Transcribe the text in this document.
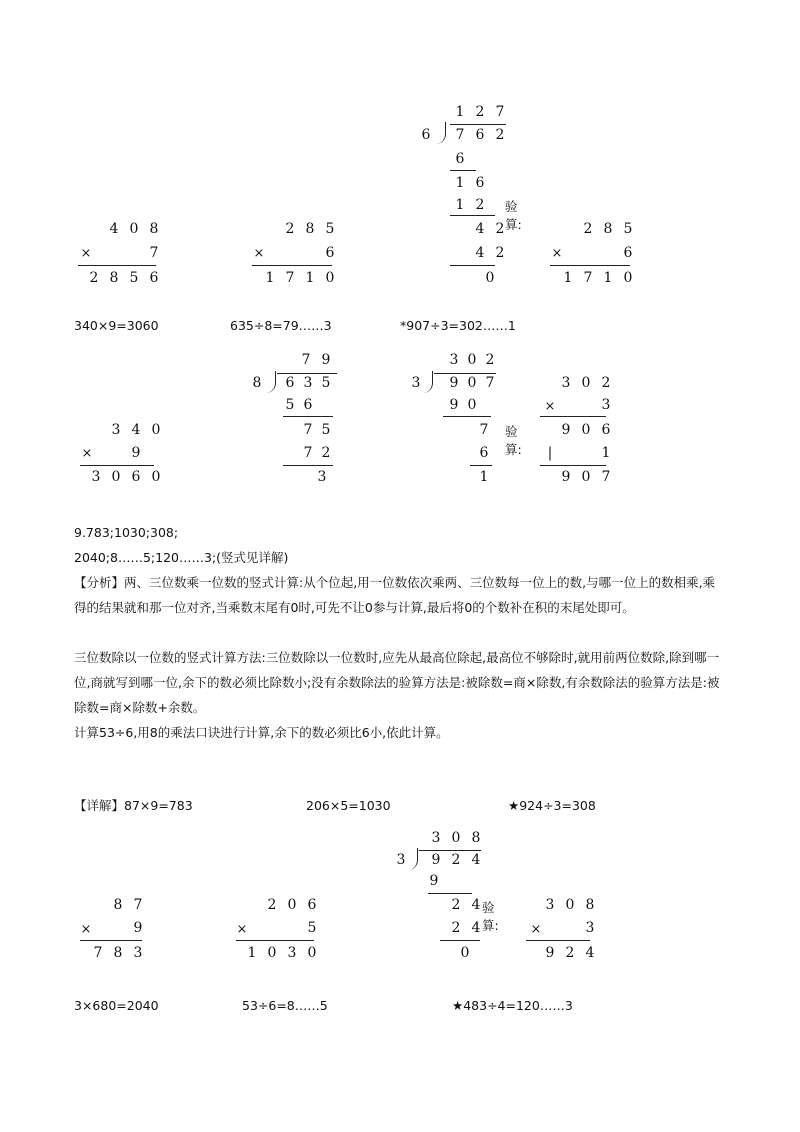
1 2 7
6	7 6 2
6
1 6
1 2	验算:
4 2
4 2
0
4 0 8
×	7
2 8 5 6
2 8 5
×	6
1 7 1 0
2 8 5
×	6
1 7 1 0
340×9=3060	635÷8=79……3	*907÷3=302……1
7 9
8	6 3 5
5 6
7 5
7 2
3
3 0 2
3	9 0 7
9 0
7	验算:
6
1
3 4 0
×	9
3 0 6 0
3 0 2
×	3
9 0 6
|	1
9 0 7
9.783;1030;308;
2040;8……5;120……3;(竖式见详解)
【分析】两、三位数乘一位数的竖式计算:从个位起,用一位数依次乘两、三位数每一位上的数,与哪一位上的数相乘,乘得的结果就和那一位对齐,当乘数末尾有0时,可先不让0参与计算,最后将0的个数补在积的末尾处即可。
三位数除以一位数的竖式计算方法:三位数除以一位数时,应先从最高位除起,最高位不够除时,就用前两位数除,除到哪一位,商就写到哪一位,余下的数必须比除数小;没有余数除法的验算方法是:被除数=商×除数,有余数除法的验算方法是:被除数=商×除数+余数。
计算53÷6,用8的乘法口诀进行计算,余下的数必须比6小,依此计算。
【详解】87×9=783	206×5=1030	★924÷3=308
3 0 8
3	9 2 4
9
2 4 验算:
2 4
0
8 7
×	9
7 8 3
2 0 6
×	5
1 0 3 0
3 0 8
×	3
9 2 4
3×680=2040	53÷6=8……5	★483÷4=120……3
